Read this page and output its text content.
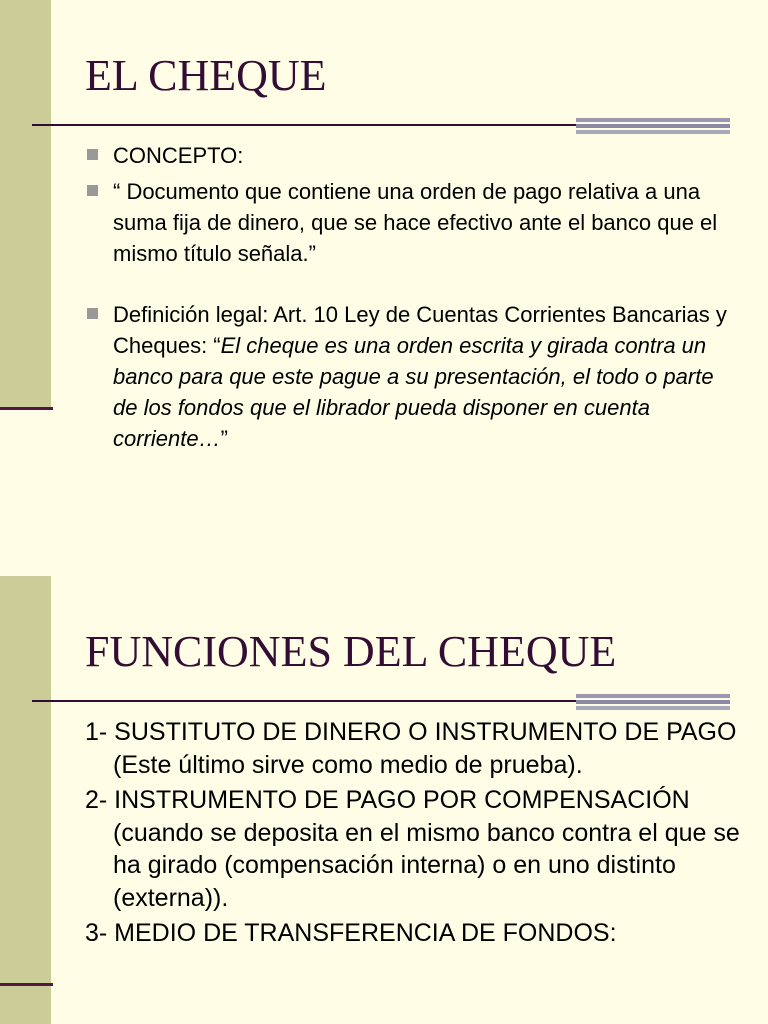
EL CHEQUE
CONCEPTO:
“ Documento que contiene una orden de pago relativa a una suma fija de dinero, que se hace efectivo ante el banco que el mismo título señala.”
Definición legal: Art. 10 Ley de Cuentas Corrientes Bancarias y Cheques: “El cheque es una orden escrita y girada contra un banco para que este pague a su presentación, el todo o parte de los fondos que el librador pueda disponer en cuenta corriente…”
FUNCIONES DEL CHEQUE
1- SUSTITUTO DE DINERO O INSTRUMENTO DE PAGO (Este último sirve como medio de prueba).
2- INSTRUMENTO DE PAGO POR COMPENSACIÓN (cuando se deposita en el mismo banco contra el que se ha girado (compensación interna) o en uno distinto (externa)).
3- MEDIO DE TRANSFERENCIA DE FONDOS:
